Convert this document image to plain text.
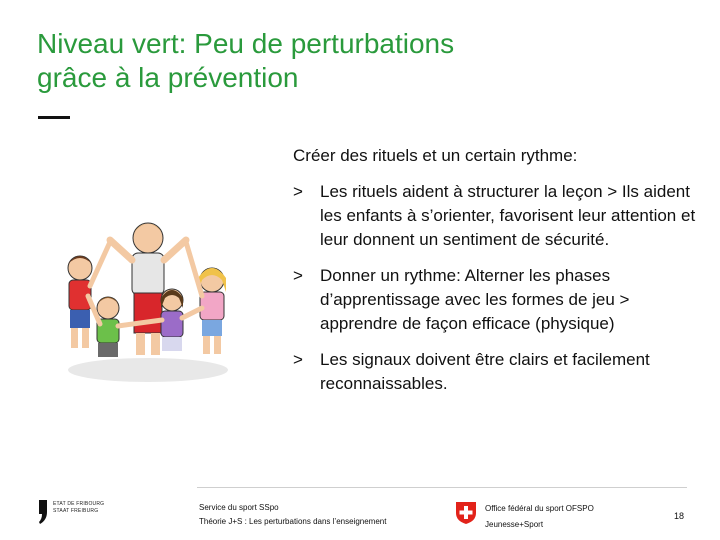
Niveau vert: Peu de perturbations
grâce à la prévention
Créer des rituels et un certain rythme:
>	Les rituels aident à structurer la leçon > Ils aident les enfants à s’orienter, favorisent leur attention et leur donnent un sentiment de sécurité.
>	Donner un rythme: Alterner les phases d’apprentissage avec les formes de jeu > apprendre de façon efficace (physique)
>	Les signaux doivent être clairs et facilement reconnaissables.
ETAT DE FRIBOURG
STAAT FREIBURG	Service du sport SSpo
Théorie J+S : Les perturbations dans l’enseignement
Office fédéral du sport OFSPO
Jeunesse+Sport
18
